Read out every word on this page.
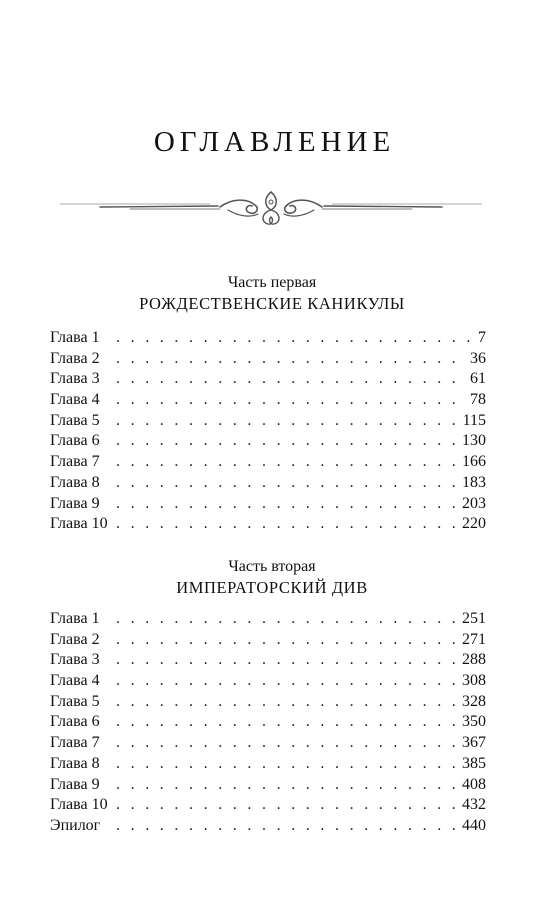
ОГЛАВЛЕНИЕ
Часть первая
РОЖДЕСТВЕНСКИЕ КАНИКУЛЫ
Глава 1 . . .	7
Глава 2 . . .	36
Глава 3 . . .	61
Глава 4 . . .	78
Глава 5 . . .	115
Глава 6 . . .	130
Глава 7 . . .	166
Глава 8 . . .	183
Глава 9 . . .	203
Глава 10 . . .	220
Часть вторая
ИМПЕРАТОРСКИЙ ДИВ
Глава 1 . . .	251
Глава 2 . . .	271
Глава 3 . . .	288
Глава 4 . . .	308
Глава 5 . . .	328
Глава 6 . . .	350
Глава 7 . . .	367
Глава 8 . . .	385
Глава 9 . . .	408
Глава 10 . . .	432
Эпилог . . .	440
